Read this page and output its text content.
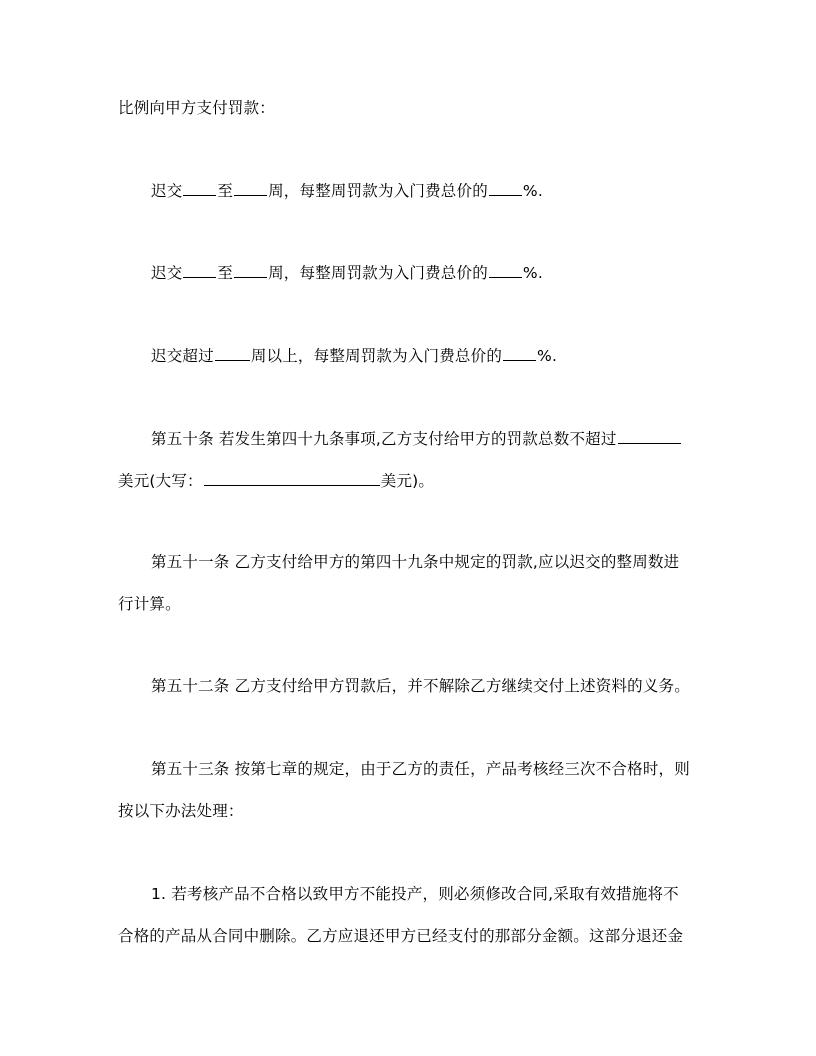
比例向甲方支付罚款：
迟交 至 周，每整周罚款为入门费总价的 %.
迟交 至 周，每整周罚款为入门费总价的 %.
迟交超过 周以上，每整周罚款为入门费总价的 %.
第五十条 若发生第四十九条事项,乙方支付给甲方的罚款总数不超过
美元(大写：	美元)。
第五十一条 乙方支付给甲方的第四十九条中规定的罚款,应以迟交的整周数进
行计算。
第五十二条 乙方支付给甲方罚款后，并不解除乙方继续交付上述资料的义务。
第五十三条 按第七章的规定，由于乙方的责任，产品考核经三次不合格时，则
按以下办法处理：
1. 若考核产品不合格以致甲方不能投产，则必须修改合同,采取有效措施将不
合格的产品从合同中删除。乙方应退还甲方已经支付的那部分金额。这部分退还金
